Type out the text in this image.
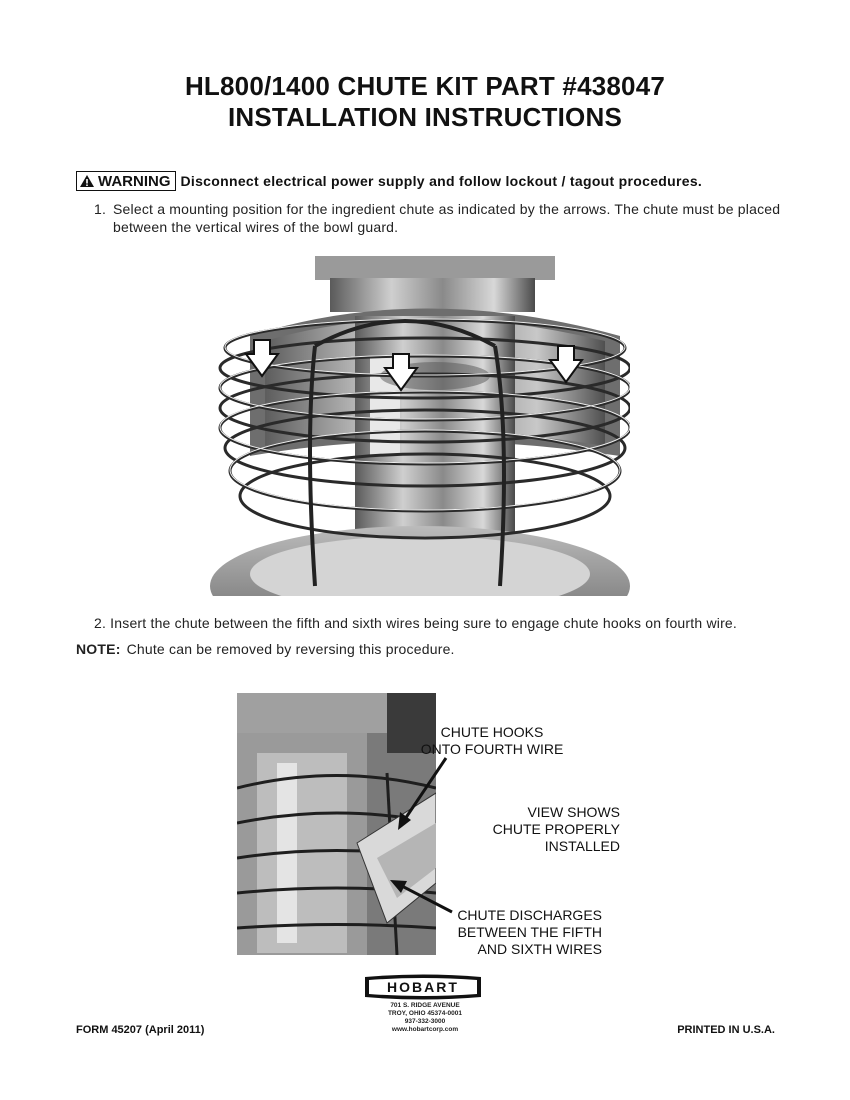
HL800/1400 CHUTE KIT PART #438047
INSTALLATION INSTRUCTIONS
WARNING Disconnect electrical power supply and follow lockout / tagout procedures.
1. Select a mounting position for the ingredient chute as indicated by the arrows. The chute must be placed between the vertical wires of the bowl guard.
2. Insert the chute between the fifth and sixth wires being sure to engage chute hooks on fourth wire.
NOTE: Chute can be removed by reversing this procedure.
CHUTE HOOKS
ONTO FOURTH WIRE
VIEW SHOWS
CHUTE PROPERLY
INSTALLED
CHUTE DISCHARGES
BETWEEN THE FIFTH
AND SIXTH WIRES
HOBART
701 S. RIDGE AVENUE
TROY, OHIO 45374-0001
937-332-3000
www.hobartcorp.com
FORM 45207 (April 2011)	PRINTED IN U.S.A.
